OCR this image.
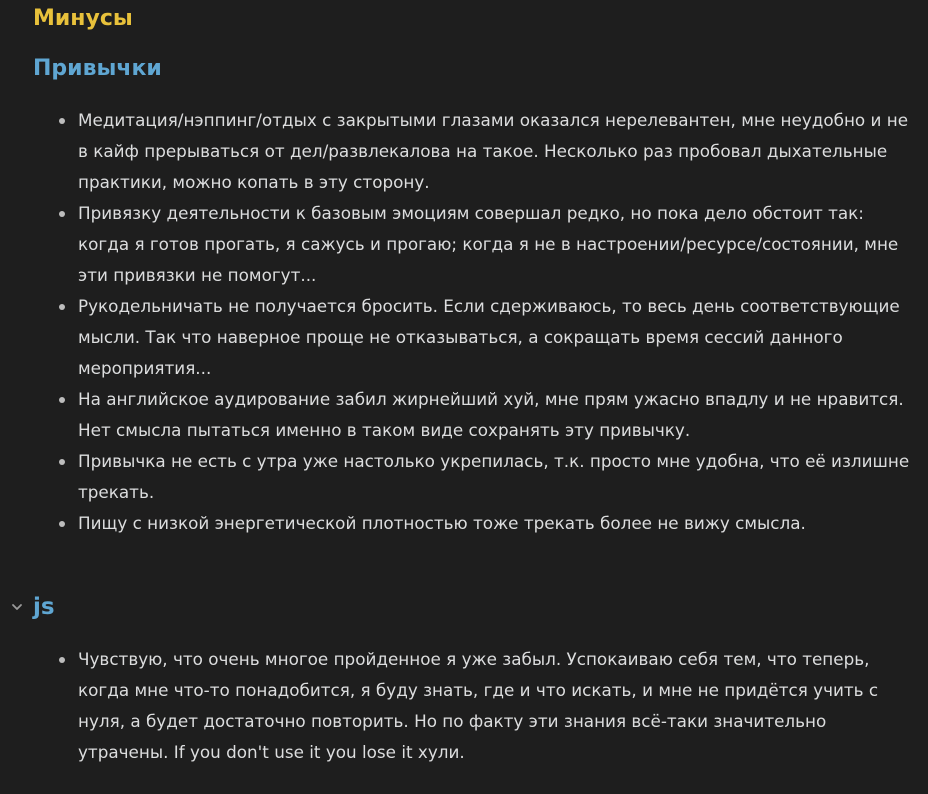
Минусы
Привычки
Медитация/нэппинг/отдых с закрытыми глазами оказался нерелевантен, мне неудобно и не в кайф прерываться от дел/развлекалова на такое. Несколько раз пробовал дыхательные практики, можно копать в эту сторону.
Привязку деятельности к базовым эмоциям совершал редко, но пока дело обстоит так: когда я готов прогать, я сажусь и прогаю; когда я не в настроении/ресурсе/состоянии, мне эти привязки не помогут...
Рукодельничать не получается бросить. Если сдерживаюсь, то весь день соответствующие мысли. Так что наверное проще не отказываться, а сокращать время сессий данного мероприятия...
На английское аудирование забил жирнейший хуй, мне прям ужасно впадлу и не нравится. Нет смысла пытаться именно в таком виде сохранять эту привычку.
Привычка не есть с утра уже настолько укрепилась, т.к. просто мне удобна, что её излишне трекать.
Пищу с низкой энергетической плотностью тоже трекать более не вижу смысла.
js
Чувствую, что очень многое пройденное я уже забыл. Успокаиваю себя тем, что теперь, когда мне что-то понадобится, я буду знать, где и что искать, и мне не придётся учить с нуля, а будет достаточно повторить. Но по факту эти знания всё-таки значительно утрачены. If you don't use it you lose it хули.
